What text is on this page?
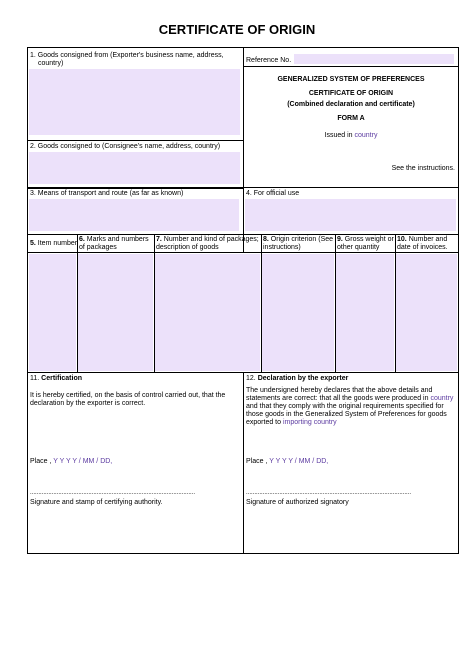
CERTIFICATE OF ORIGIN
1. Goods consigned from (Exporter's business name, address,
country)
2. Goods consigned to (Consignee's name, address, country)
Reference No.
GENERALIZED SYSTEM OF PREFERENCES
CERTIFICATE OF ORIGIN
(Combined declaration and certificate)
FORM A
Issued in country
See the instructions.
3. Means of transport and route (as far as known)	4. For official use
5. Item number
6. Marks and numbers
of packages
7. Number and kind of packages;
description of goods
8. Origin criterion (See
instructions)
9. Gross weight or
other quantity
10. Number and
date of invoices.
11. Certification
It is hereby certified, on the basis of control carried out, that the
declaration by the exporter is correct.
Place , Y Y Y Y / MM / DD,
...................................................................................................
Signature and stamp of certifying authority.
12. Declaration by the exporter
The undersigned hereby declares that the above details and
statements are correct: that all the goods were produced in country
and that they comply with the original requirements specified for
those goods in the Generalized System of Preferences for goods
exported to importing country
Place , Y Y Y Y / MM / DD,
...................................................................................................
Signature of authorized signatory
